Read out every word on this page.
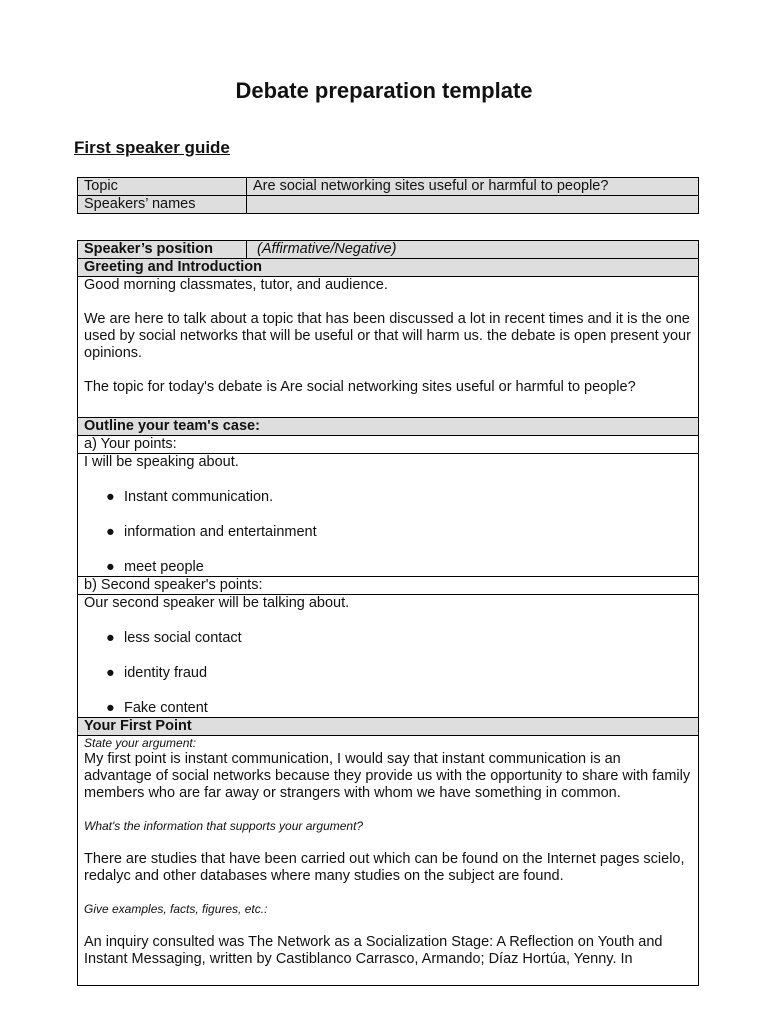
Debate preparation template
First speaker guide
Topic	Are social networking sites useful or harmful to people?
Speakers’ names	
Speaker’s position	(Affirmative/Negative)
Greeting and Introduction

Good morning classmates, tutor, and audience.

We are here to talk about a topic that has been discussed a lot in recent times and it is the one used by social networks that will be useful or that will harm us. the debate is open present your opinions.

The topic for today's debate is Are social networking sites useful or harmful to people?

Outline your team's case:
a) Your points:

I will be speaking about.

● Instant communication.
● information and entertainment
● meet people

b) Second speaker's points:

Our second speaker will be talking about.

● less social contact
● identity fraud
● Fake content

Your First Point

State your argument:

My first point is instant communication, I would say that instant communication is an advantage of social networks because they provide us with the opportunity to share with family members who are far away or strangers with whom we have something in common.

What's the information that supports your argument?

There are studies that have been carried out which can be found on the Internet pages scielo, redalyc and other databases where many studies on the subject are found.

Give examples, facts, figures, etc.:

An inquiry consulted was The Network as a Socialization Stage: A Reflection on Youth and Instant Messaging, written by Castiblanco Carrasco, Armando; Díaz Hortúa, Yenny. In
